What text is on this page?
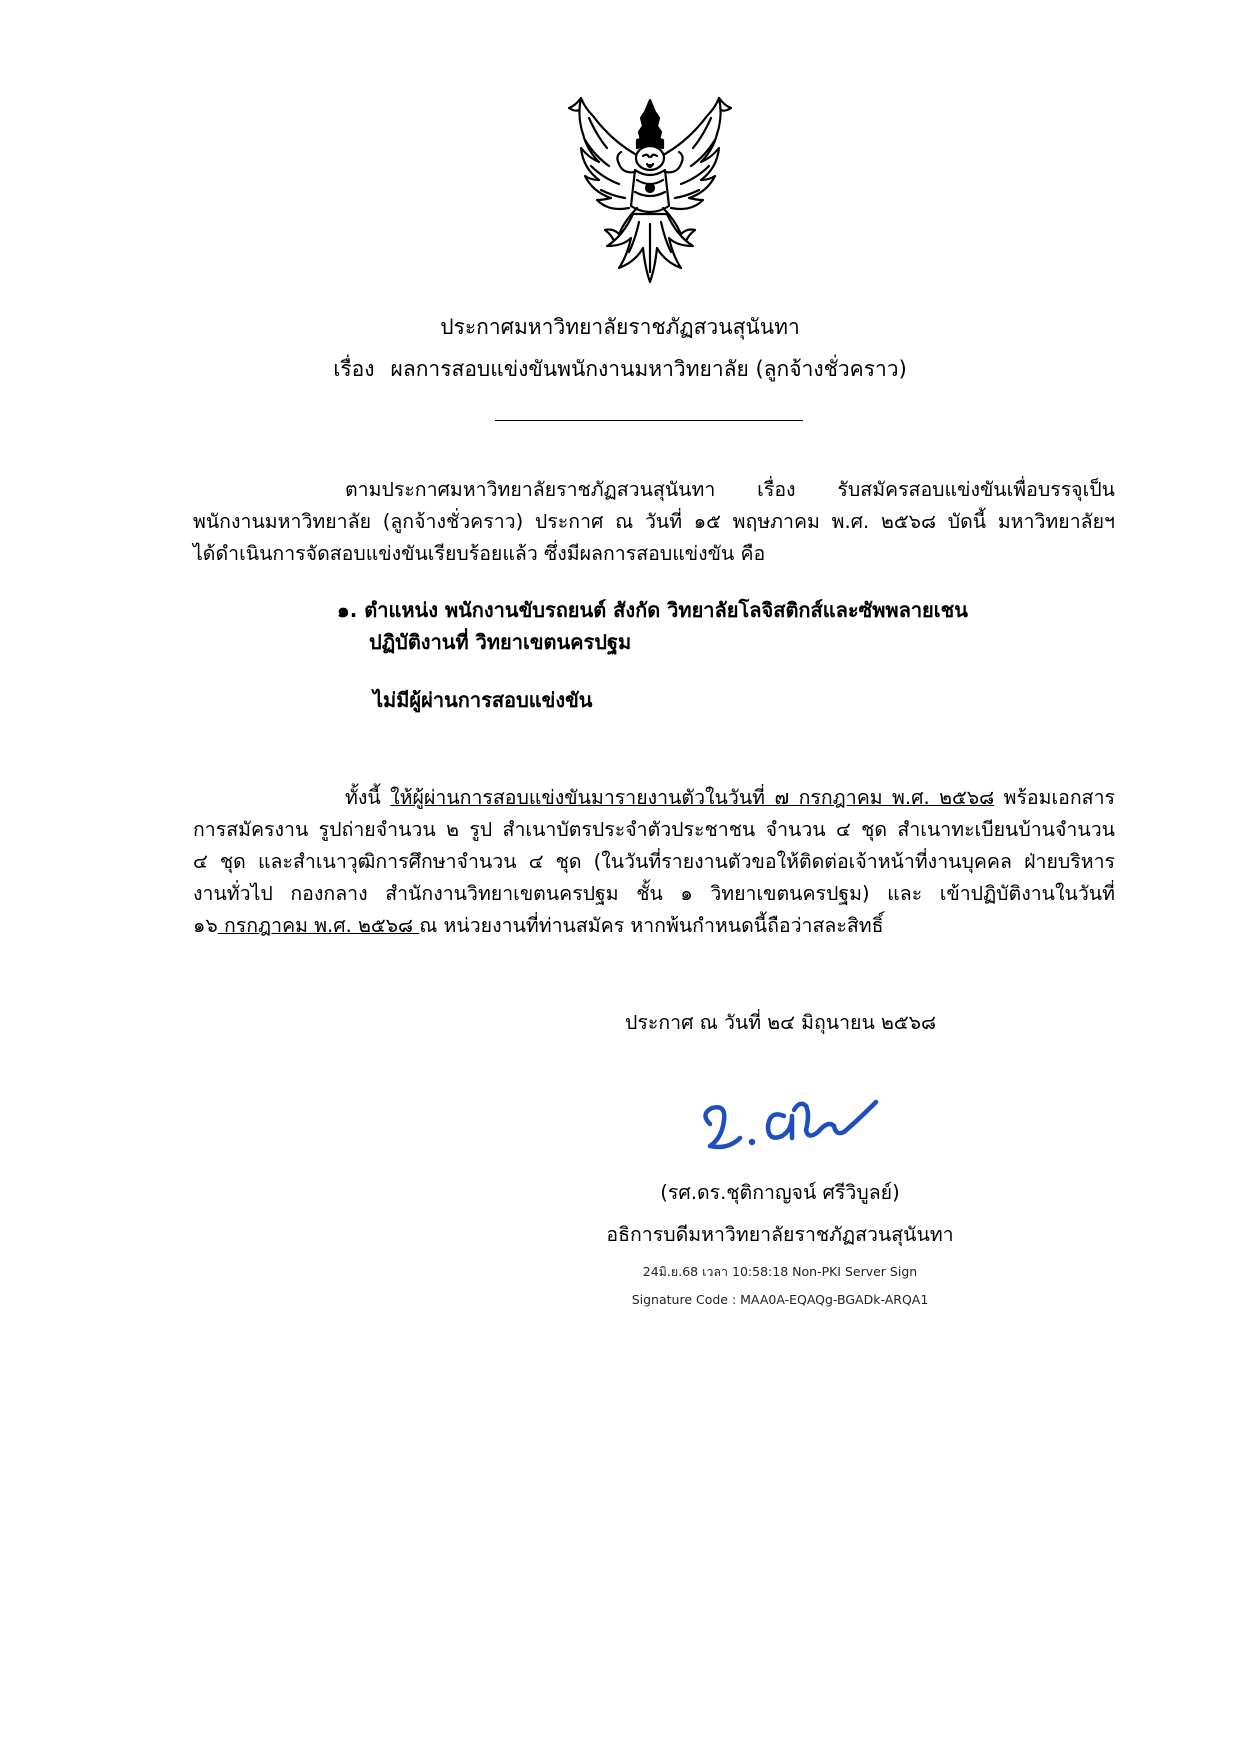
ประกาศมหาวิทยาลัยราชภัฏสวนสุนันทา
เรื่อง ผลการสอบแข่งขันพนักงานมหาวิทยาลัย (ลูกจ้างชั่วคราว)
ตามประกาศมหาวิทยาลัยราชภัฏสวนสุนันทา เรื่อง รับสมัครสอบแข่งขันเพื่อบรรจุเป็น
พนักงานมหาวิทยาลัย (ลูกจ้างชั่วคราว) ประกาศ ณ วันที่ ๑๕ พฤษภาคม พ.ศ. ๒๕๖๘ บัดนี้ มหาวิทยาลัยฯ
ได้ดำเนินการจัดสอบแข่งขันเรียบร้อยแล้ว ซึ่งมีผลการสอบแข่งขัน คือ
๑. ตำแหน่ง พนักงานขับรถยนต์ สังกัด วิทยาลัยโลจิสติกส์และซัพพลายเชน
ปฏิบัติงานที่ วิทยาเขตนครปฐม
ไม่มีผู้ผ่านการสอบแข่งขัน
ทั้งนี้ ให้ผู้ผ่านการสอบแข่งขันมารายงานตัวในวันที่ ๗ กรกฎาคม พ.ศ. ๒๕๖๘ พร้อมเอกสาร
การสมัครงาน รูปถ่ายจำนวน ๒ รูป สำเนาบัตรประจำตัวประชาชน จำนวน ๔ ชุด สำเนาทะเบียนบ้านจำนวน
๔ ชุด และสำเนาวุฒิการศึกษาจำนวน ๔ ชุด (ในวันที่รายงานตัวขอให้ติดต่อเจ้าหน้าที่งานบุคคล ฝ่ายบริหาร
งานทั่วไป กองกลาง สำนักงานวิทยาเขตนครปฐม ชั้น ๑ วิทยาเขตนครปฐม) และ เข้าปฏิบัติงานในวันที่
๑๖ กรกฎาคม พ.ศ. ๒๕๖๘ ณ หน่วยงานที่ท่านสมัคร หากพ้นกำหนดนี้ถือว่าสละสิทธิ์
ประกาศ ณ วันที่ ๒๔ มิถุนายน ๒๕๖๘
(รศ.ดร.ชุติกาญจน์ ศรีวิบูลย์)
อธิการบดีมหาวิทยาลัยราชภัฏสวนสุนันทา
24มิ.ย.68 เวลา 10:58:18 Non-PKI Server Sign
Signature Code : MAA0A-EQAQg-BGADk-ARQA1
